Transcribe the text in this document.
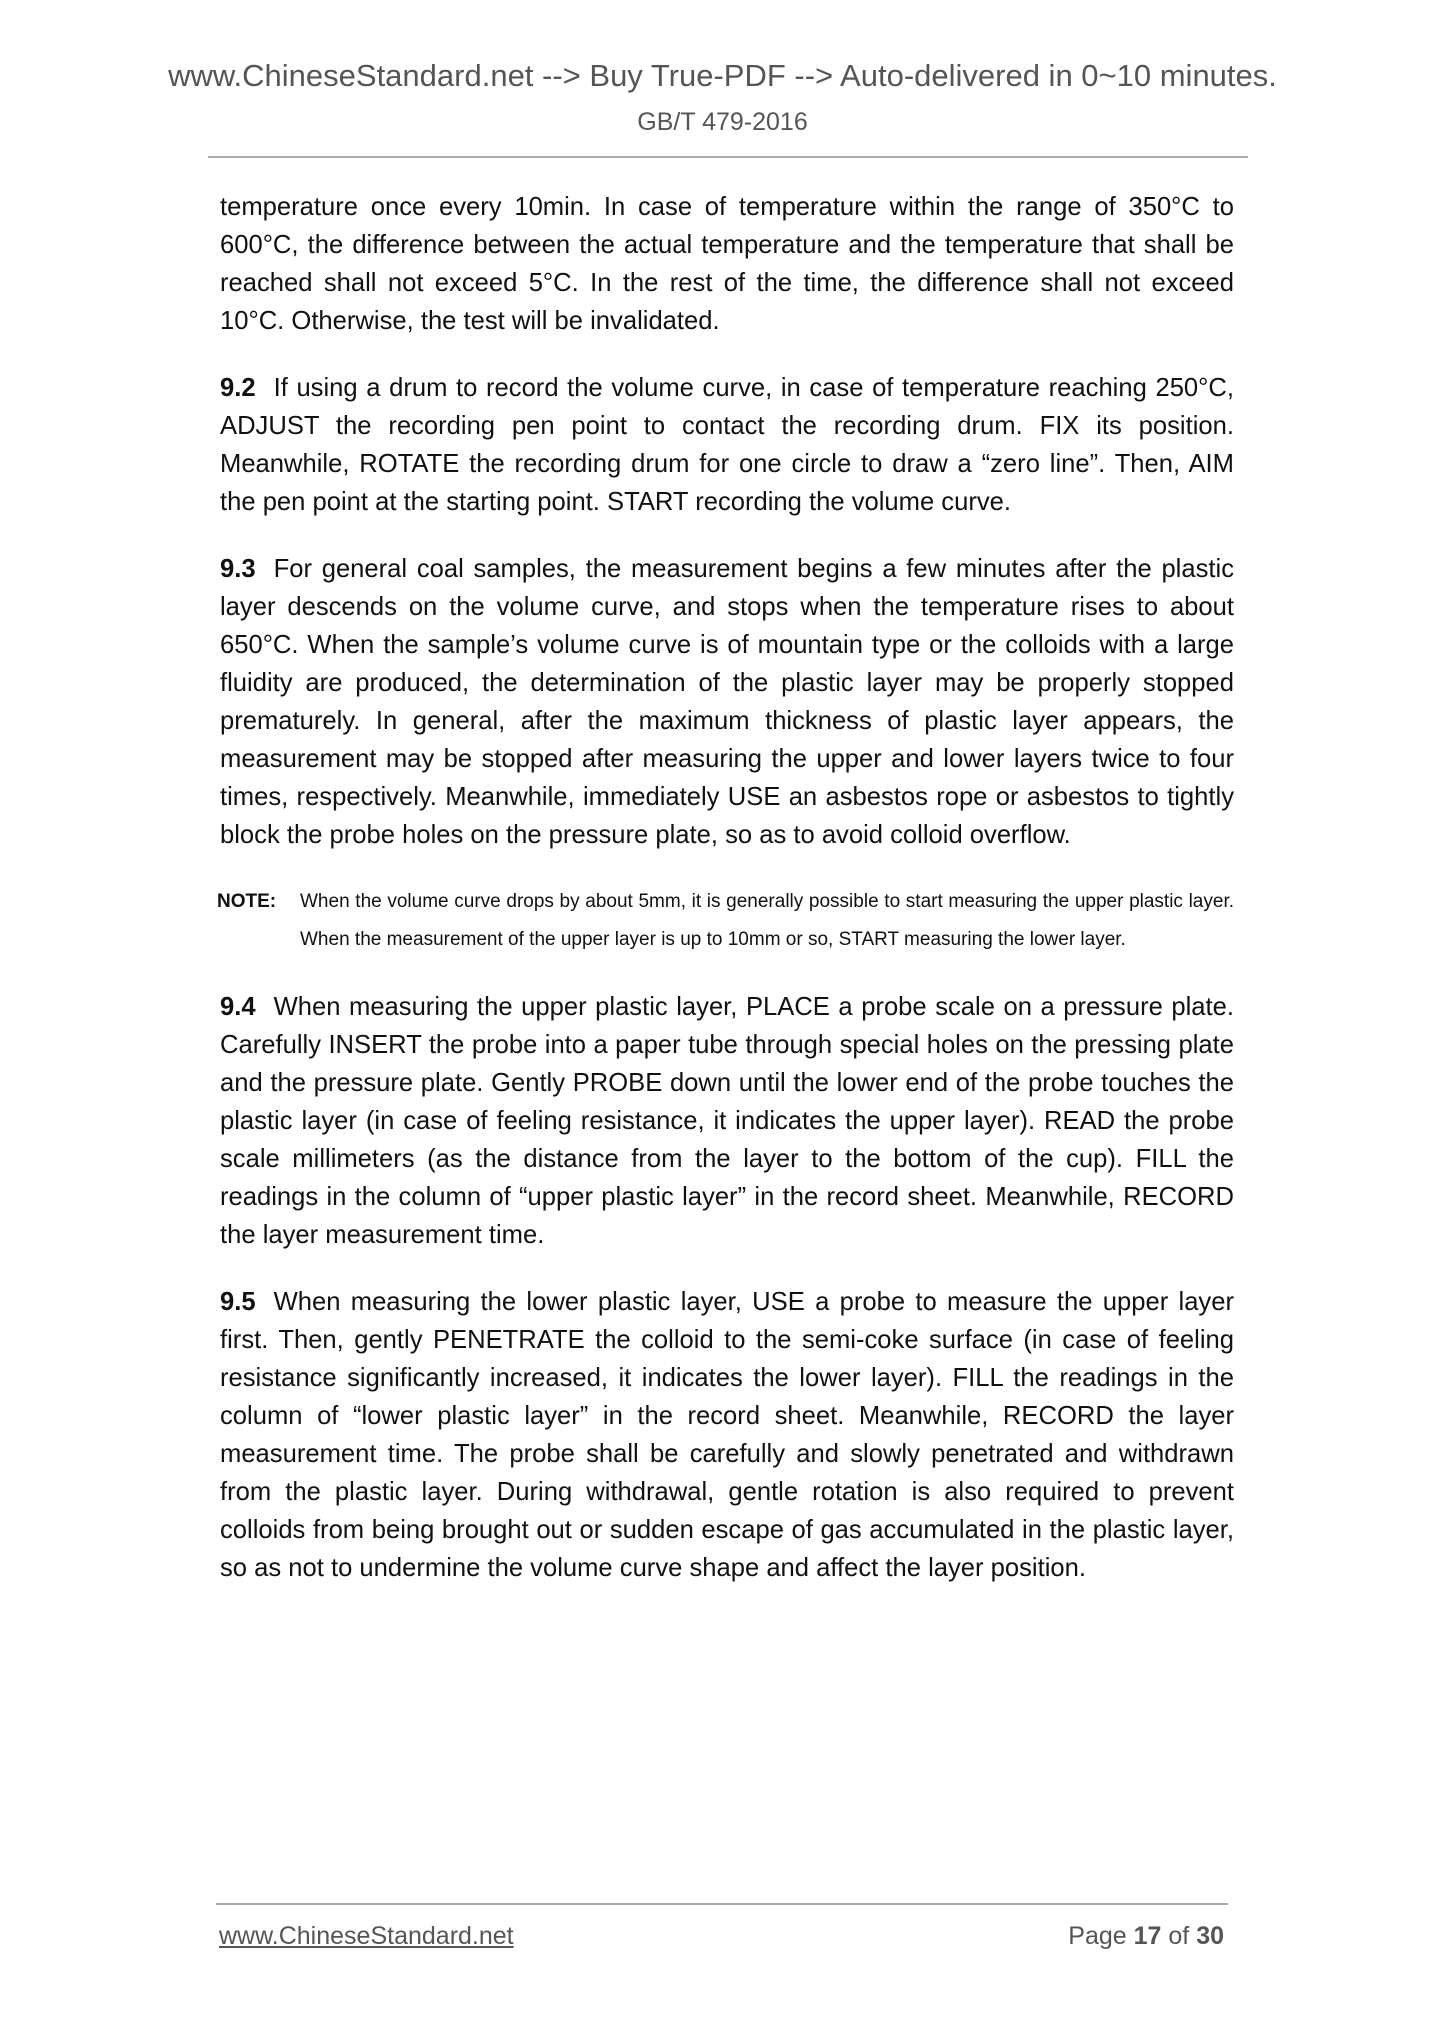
www.ChineseStandard.net --> Buy True-PDF --> Auto-delivered in 0~10 minutes.
GB/T 479-2016

temperature once every 10min. In case of temperature within the range of 350°C to 600°C, the difference between the actual temperature and the temperature that shall be reached shall not exceed 5°C. In the rest of the time, the difference shall not exceed 10°C. Otherwise, the test will be invalidated.

9.2 If using a drum to record the volume curve, in case of temperature reaching 250°C, ADJUST the recording pen point to contact the recording drum. FIX its position. Meanwhile, ROTATE the recording drum for one circle to draw a “zero line”. Then, AIM the pen point at the starting point. START recording the volume curve.

9.3 For general coal samples, the measurement begins a few minutes after the plastic layer descends on the volume curve, and stops when the temperature rises to about 650°C. When the sample’s volume curve is of mountain type or the colloids with a large fluidity are produced, the determination of the plastic layer may be properly stopped prematurely. In general, after the maximum thickness of plastic layer appears, the measurement may be stopped after measuring the upper and lower layers twice to four times, respectively. Meanwhile, immediately USE an asbestos rope or asbestos to tightly block the probe holes on the pressure plate, so as to avoid colloid overflow.

NOTE: When the volume curve drops by about 5mm, it is generally possible to start measuring the upper plastic layer. When the measurement of the upper layer is up to 10mm or so, START measuring the lower layer.

9.4 When measuring the upper plastic layer, PLACE a probe scale on a pressure plate. Carefully INSERT the probe into a paper tube through special holes on the pressing plate and the pressure plate. Gently PROBE down until the lower end of the probe touches the plastic layer (in case of feeling resistance, it indicates the upper layer). READ the probe scale millimeters (as the distance from the layer to the bottom of the cup). FILL the readings in the column of “upper plastic layer” in the record sheet. Meanwhile, RECORD the layer measurement time.

9.5 When measuring the lower plastic layer, USE a probe to measure the upper layer first. Then, gently PENETRATE the colloid to the semi-coke surface (in case of feeling resistance significantly increased, it indicates the lower layer). FILL the readings in the column of “lower plastic layer” in the record sheet. Meanwhile, RECORD the layer measurement time. The probe shall be carefully and slowly penetrated and withdrawn from the plastic layer. During withdrawal, gentle rotation is also required to prevent colloids from being brought out or sudden escape of gas accumulated in the plastic layer, so as not to undermine the volume curve shape and affect the layer position.

www.ChineseStandard.net	Page 17 of 30
